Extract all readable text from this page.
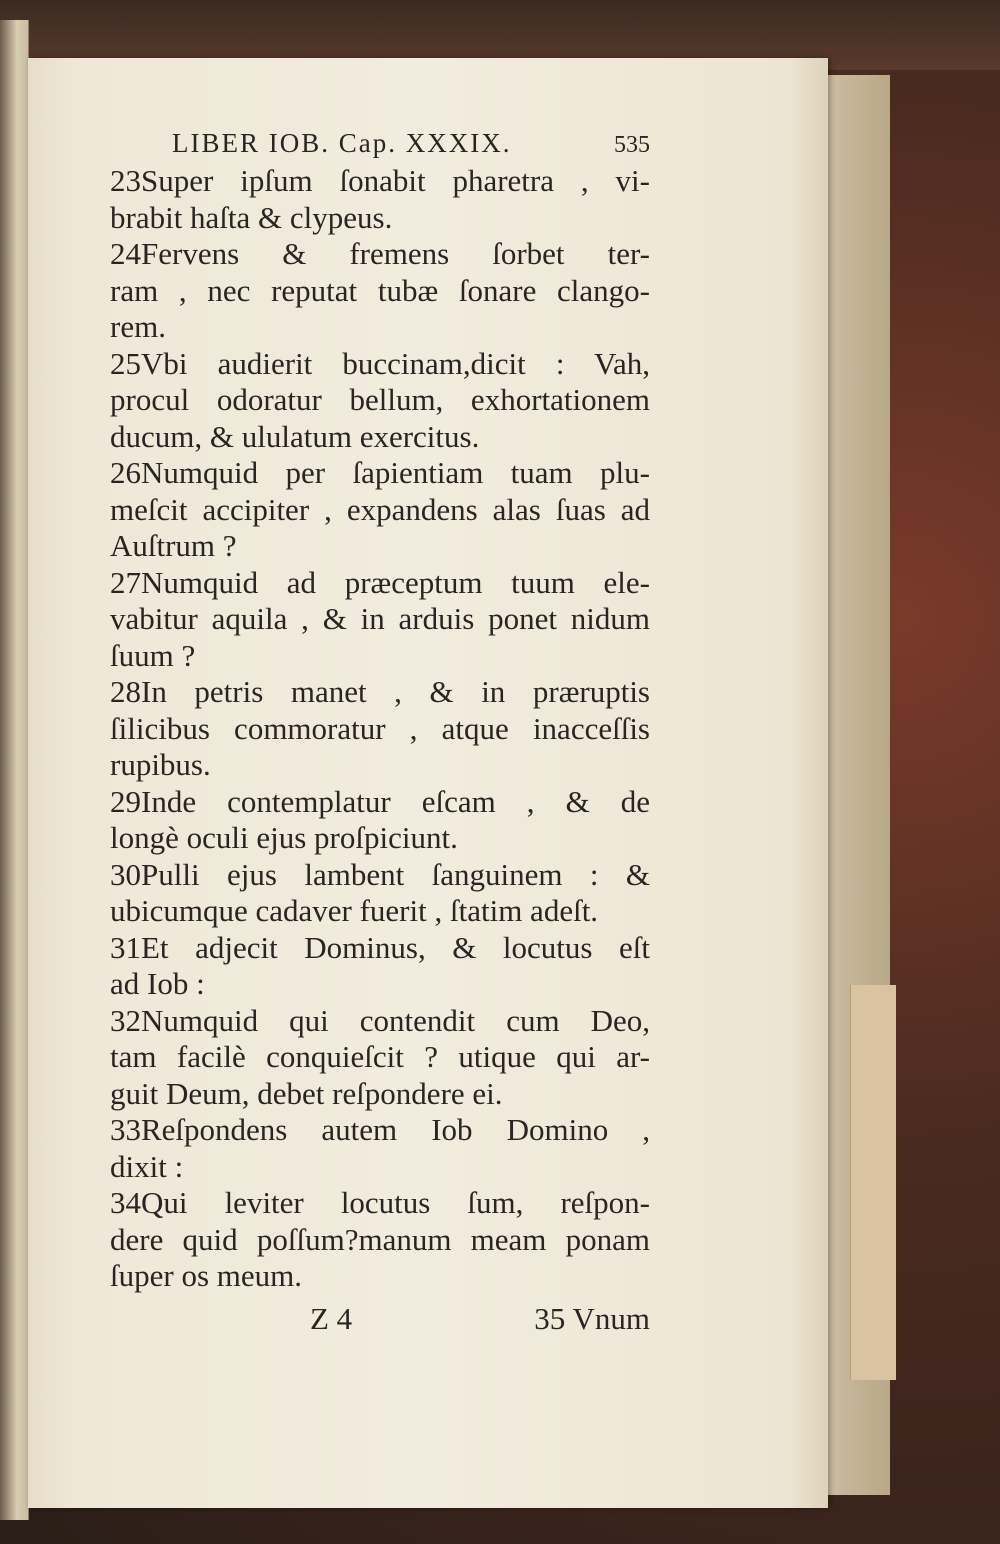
LIBER IOB. Cap. XXXIX.	535
23Super ipſum ſonabit pharetra , vi-
brabit haſta & clypeus.
24Fervens & fremens ſorbet ter-
ram , nec reputat tubæ ſonare clango-
rem.
25Vbi audierit buccinam,dicit : Vah,
procul odoratur bellum, exhortationem
ducum, & ululatum exercitus.
26Numquid per ſapientiam tuam plu-
meſcit accipiter , expandens alas ſuas ad
Auſtrum ?
27Numquid ad præceptum tuum ele-
vabitur aquila , & in arduis ponet nidum
ſuum ?
28In petris manet , & in præruptis
ſilicibus commoratur , atque inacceſſis
rupibus.
29Inde contemplatur eſcam , & de
longè oculi ejus proſpiciunt.
30Pulli ejus lambent ſanguinem : &
ubicumque cadaver fuerit , ſtatim adeſt.
31Et adjecit Dominus, & locutus eſt
ad Iob :
32Numquid qui contendit cum Deo,
tam facilè conquieſcit ? utique qui ar-
guit Deum, debet reſpondere ei.
33Reſpondens autem Iob Domino ,
dixit :
34Qui leviter locutus ſum, reſpon-
dere quid poſſum?manum meam ponam
ſuper os meum.
Z 4	35 Vnum
